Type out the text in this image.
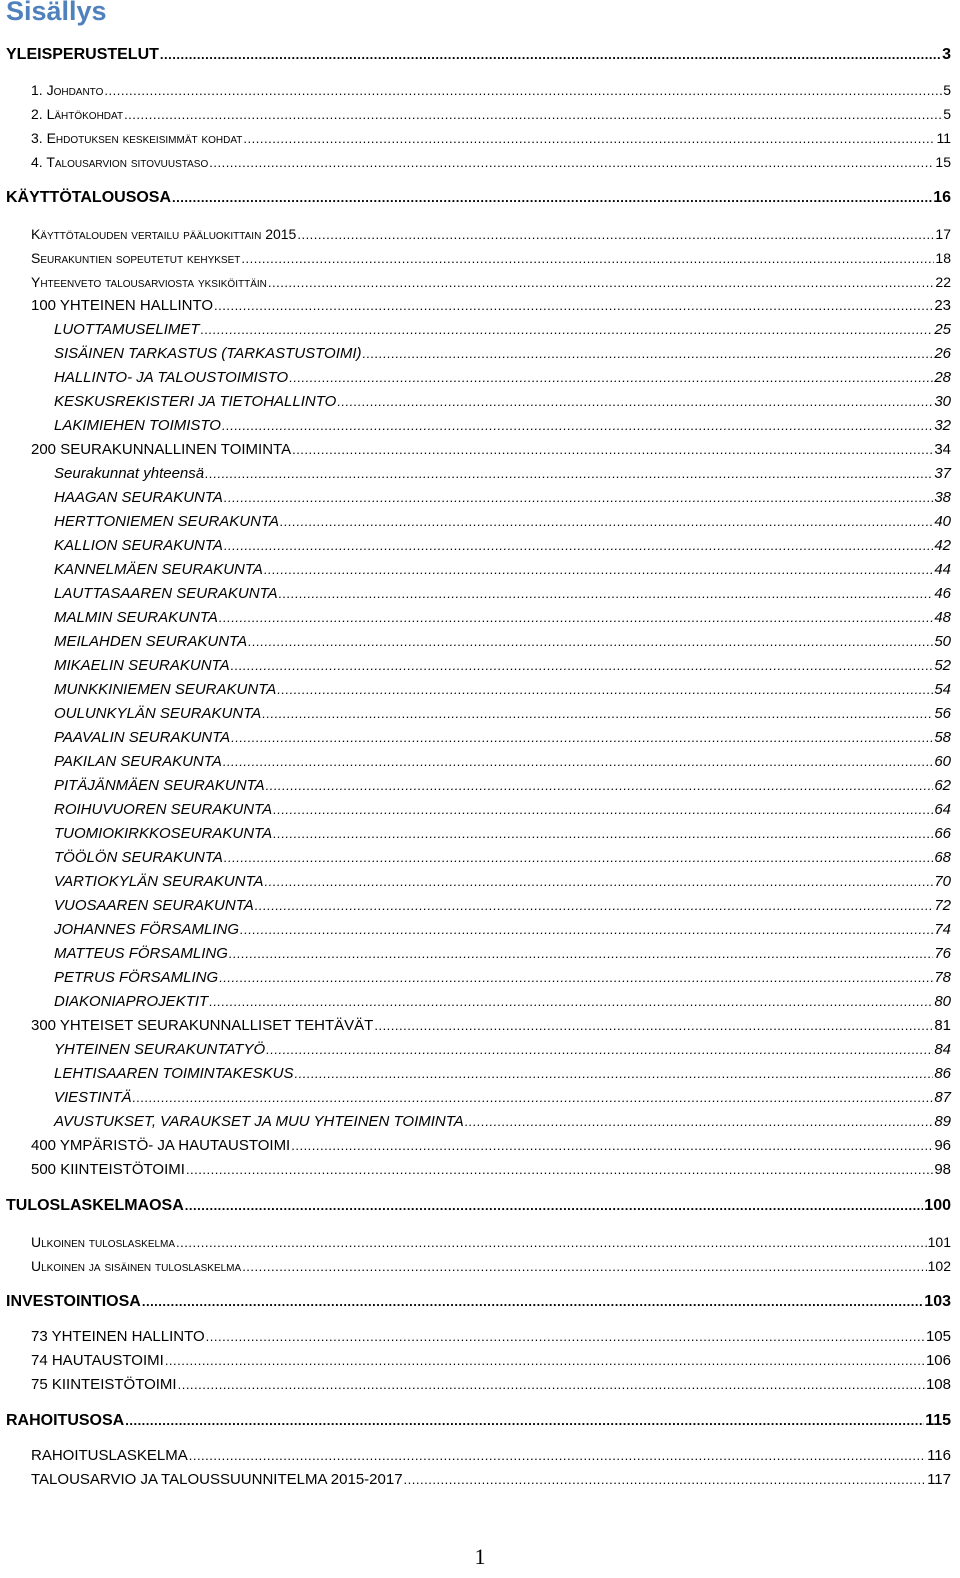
Sisällys
YLEISPERUSTELUT .....	3
1. Johdanto .....	5
2. Lähtökohdat .....	5
3. Ehdotuksen keskeisimmät kohdat .....	11
4. Talousarvion sitovuustaso .....	15
KÄYTTÖTALOUSOSA .....	16
Käyttötalouden vertailu pääluokittain 2015 .....	17
Seurakuntien sopeutetut kehykset .....	18
Yhteenveto talousarviosta yksiköittäin .....	22
100 YHTEINEN HALLINTO .....	23
LUOTTAMUSELIMET .....	25
SISÄINEN TARKASTUS (TARKASTUSTOIMI) .....	26
HALLINTO- JA TALOUSTOIMISTO .....	28
KESKUSREKISTERI JA TIETOHALLINTO .....	30
LAKIMIEHEN TOIMISTO .....	32
200 SEURAKUNNALLINEN TOIMINTA .....	34
Seurakunnat yhteensä .....	37
HAAGAN SEURAKUNTA .....	38
HERTTONIEMEN SEURAKUNTA .....	40
KALLION SEURAKUNTA .....	42
KANNELMÄEN SEURAKUNTA .....	44
LAUTTASAAREN SEURAKUNTA .....	46
MALMIN SEURAKUNTA .....	48
MEILAHDEN SEURAKUNTA .....	50
MIKAELIN SEURAKUNTA .....	52
MUNKKINIEMEN SEURAKUNTA .....	54
OULUNKYLÄN SEURAKUNTA .....	56
PAAVALIN SEURAKUNTA .....	58
PAKILAN SEURAKUNTA .....	60
PITÄJÄNMÄEN SEURAKUNTA .....	62
ROIHUVUOREN SEURAKUNTA .....	64
TUOMIOKIRKKOSEURAKUNTA .....	66
TÖÖLÖN SEURAKUNTA .....	68
VARTIOKYLÄN SEURAKUNTA .....	70
VUOSAAREN SEURAKUNTA .....	72
JOHANNES FÖRSAMLING .....	74
MATTEUS FÖRSAMLING .....	76
PETRUS FÖRSAMLING .....	78
DIAKONIAPROJEKTIT .....	80
300 YHTEISET SEURAKUNNALLISET TEHTÄVÄT .....	81
YHTEINEN SEURAKUNTATYÖ .....	84
LEHTISAAREN TOIMINTAKESKUS .....	86
VIESTINTÄ .....	87
AVUSTUKSET, VARAUKSET JA MUU YHTEINEN TOIMINTA .....	89
400 YMPÄRISTÖ- JA HAUTAUSTOIMI .....	96
500 KIINTEISTÖTOIMI .....	98
TULOSLASKELMAOSA .....	100
Ulkoinen tuloslaskelma .....	101
Ulkoinen ja sisäinen tuloslaskelma .....	102
INVESTOINTIOSA .....	103
73 YHTEINEN HALLINTO .....	105
74 HAUTAUSTOIMI .....	106
75 KIINTEISTÖTOIMI .....	108
RAHOITUSOSA .....	115
RAHOITUSLASKELMA .....	116
TALOUSARVIO JA TALOUSSUUNNITELMA 2015-2017 .....	117
1
